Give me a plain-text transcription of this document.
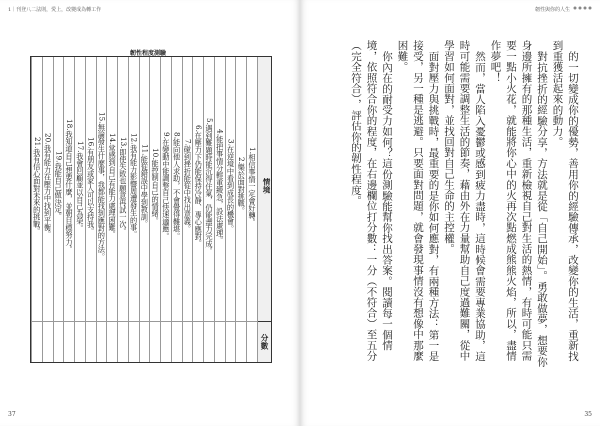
1｜刊登八二法則，愛上，改變成為轉工作
韌性程度測驗
情境
分數
1.相信事情一定會好轉。
2.樂於面對挑戰。
3.在逆境中看到成長的機會。
4.能把事情分輕重緩急，設法處理。
5.遇到難題時能沉得住氣，仍能盡力完成。
6.在壓力下仍能保持冷靜、專心應對。
7.碰到挫折能從中找出意義。
8.能向他人求助，不會覺得難堪。
9.在變動中能調整自己快速適應。
10.能控制自己的情緒。
11.能從錯誤中學到教訓。
12.我有能力影響周遭發生的事。
13.即使失敗也願意再試一次。
14.常感到自己有能力處理困難。
15.無論發生什麼事，我都能找到應對的方法。
16.有朋友或家人可以支持我。
17.我會回顧並以自己為榮。
18.我知道自己想要什麼，並朝目標努力。
19.我能自己做決定。
20.我有能力在壓力中找到平衡。
21.我有信心面對未來的挑戰。
37
韌性與你的人生
35

的一切變成你的優勢，善用你的經驗傳承，改變你的生活，重新找到重獲活起來的動力。

對抗挫折的經驗分享，方法就是從「自己開始」。勇敢做夢，想要你身邊所擁有的那種生活，重新檢視自己對生活的熱情，有時可能只需要一點小火花，就能將你心中的火再次點燃成熊熊火焰，所以，盡情作夢吧！

然而，當人陷入憂鬱或感到疲力盡時，這時候會需要專業協助，這時可能需要調整生活的節奏，藉由外在力量幫助自己度過難關，從中學習如何面對，並找回對自己生命的主控權。

面對壓力與挑戰時，最重要的是你如何應對，有兩種方法：第一是接受，另一種是逃避。只要面對問題，就會發現事情沒有想像中那麼困難。

你內在的耐受力如何？這份測驗能幫你找出答案。閱讀每一個情境，依照符合你的程度，在右邊欄位打分數：一分（不符合）至五分（完全符合），評估你的韌性程度。
